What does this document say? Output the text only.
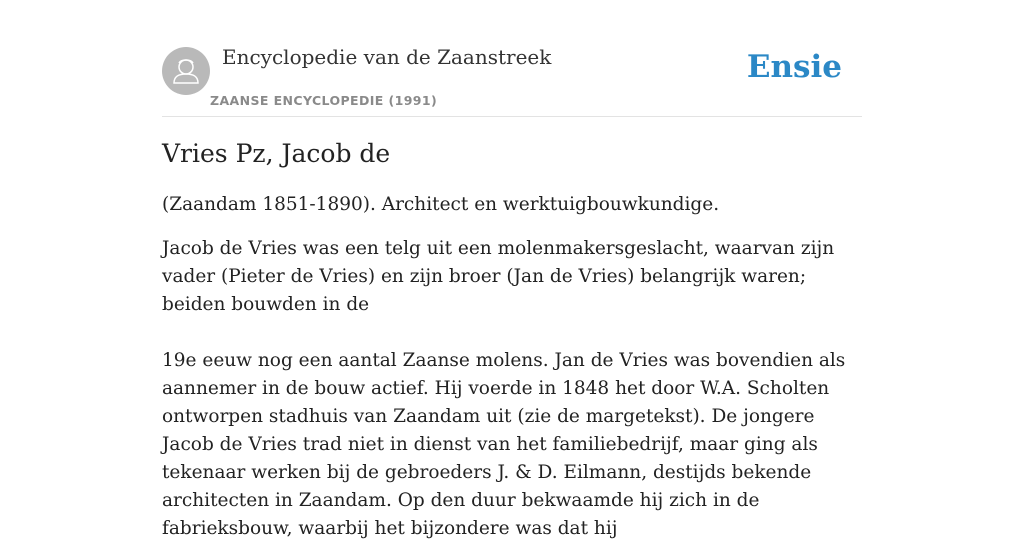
Encyclopedie van de Zaanstreek
ZAANSE ENCYCLOPEDIE (1991)
Ensie
Vries Pz, Jacob de

(Zaandam 1851-1890). Architect en werktuigbouwkundige.

Jacob de Vries was een telg uit een molenmakersgeslacht, waarvan zijn vader (Pieter de Vries) en zijn broer (Jan de Vries) belangrijk waren; beiden bouwden in de

19e eeuw nog een aantal Zaanse molens. Jan de Vries was bovendien als aannemer in de bouw actief. Hij voerde in 1848 het door W.A. Scholten ontworpen stadhuis van Zaandam uit (zie de margetekst). De jongere Jacob de Vries trad niet in dienst van het familiebedrijf, maar ging als tekenaar werken bij de gebroeders J. & D. Eilmann, destijds bekende architecten in Zaandam. Op den duur bekwaamde hij zich in de fabrieksbouw, waarbij het bijzondere was dat hij
